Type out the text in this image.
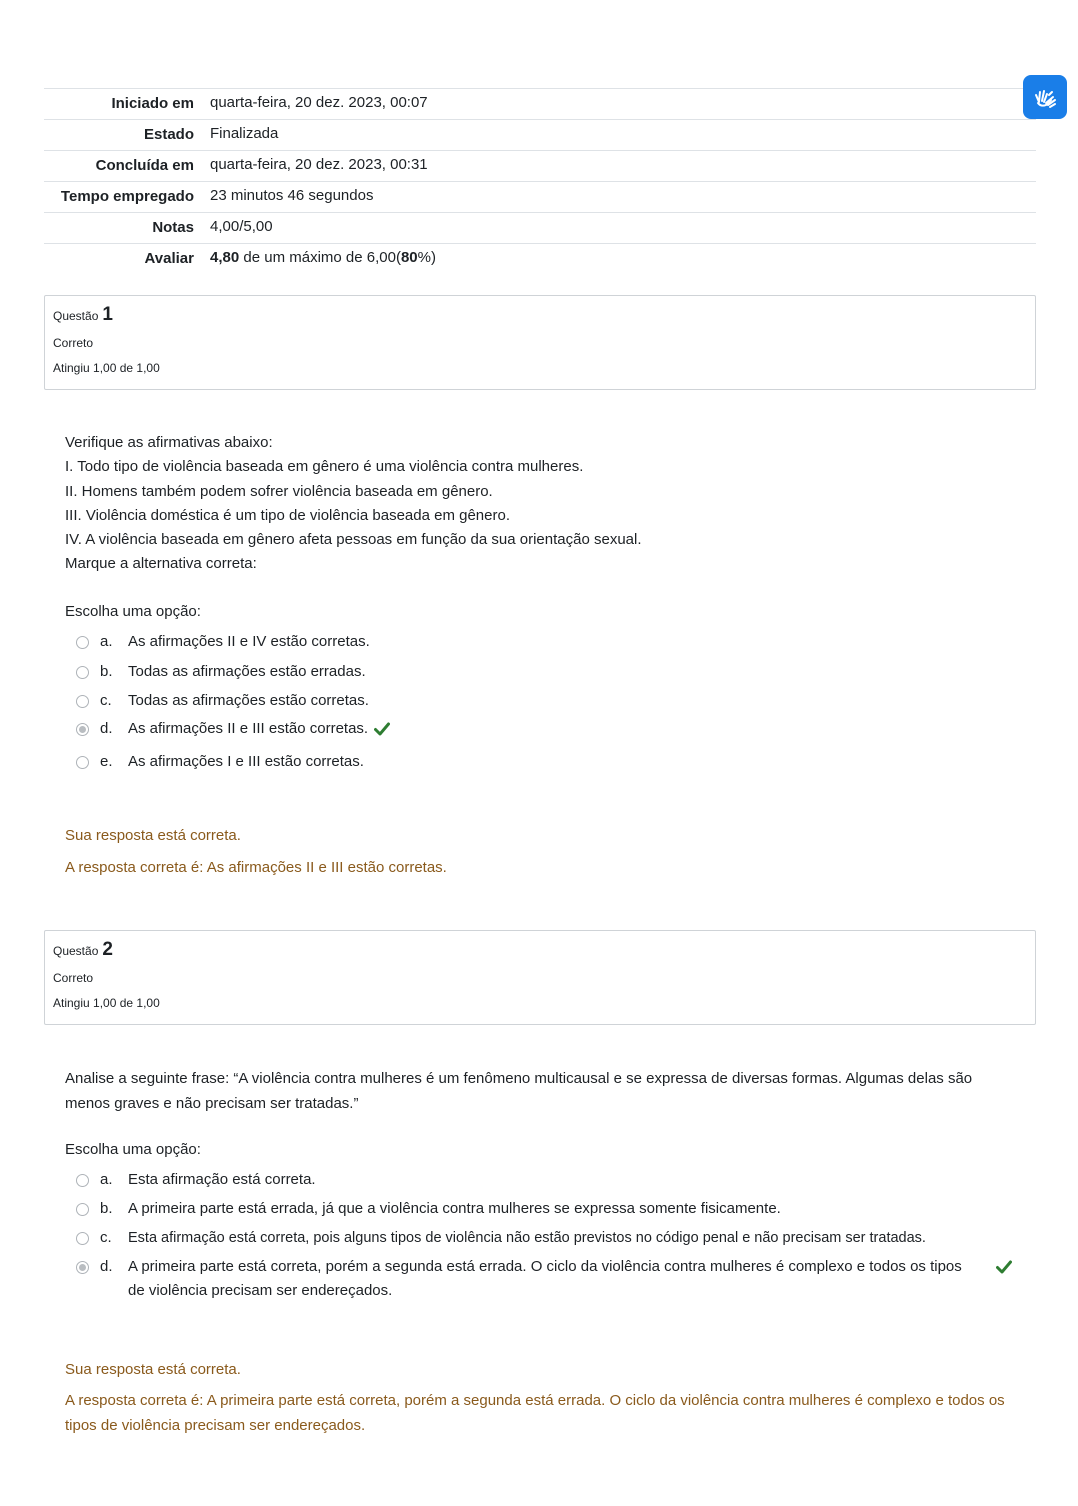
Iniciado em	quarta-feira, 20 dez. 2023, 00:07
Estado	Finalizada
Concluída em	quarta-feira, 20 dez. 2023, 00:31
Tempo empregado	23 minutos 46 segundos
Notas	4,00/5,00
Avaliar	4,80 de um máximo de 6,00(80%)
Questão 1
Correto
Atingiu 1,00 de 1,00
Verifique as afirmativas abaixo:
I. Todo tipo de violência baseada em gênero é uma violência contra mulheres.
II. Homens também podem sofrer violência baseada em gênero.
III. Violência doméstica é um tipo de violência baseada em gênero.
IV. A violência baseada em gênero afeta pessoas em função da sua orientação sexual.
Marque a alternativa correta:
Escolha uma opção:
a.	As afirmações II e IV estão corretas.
b.	Todas as afirmações estão erradas.
c.	Todas as afirmações estão corretas.
d.	As afirmações II e III estão corretas.
e.	As afirmações I e III estão corretas.
Sua resposta está correta.
A resposta correta é: As afirmações II e III estão corretas.
Questão 2
Correto
Atingiu 1,00 de 1,00
Analise a seguinte frase: “A violência contra mulheres é um fenômeno multicausal e se expressa de diversas formas. Algumas delas são menos graves e não precisam ser tratadas.”
Escolha uma opção:
a.	Esta afirmação está correta.
b.	A primeira parte está errada, já que a violência contra mulheres se expressa somente fisicamente.
c.	Esta afirmação está correta, pois alguns tipos de violência não estão previstos no código penal e não precisam ser tratadas.
d.	A primeira parte está correta, porém a segunda está errada. O ciclo da violência contra mulheres é complexo e todos os tipos de violência precisam ser endereçados.
Sua resposta está correta.
A resposta correta é: A primeira parte está correta, porém a segunda está errada. O ciclo da violência contra mulheres é complexo e todos os tipos de violência precisam ser endereçados.
